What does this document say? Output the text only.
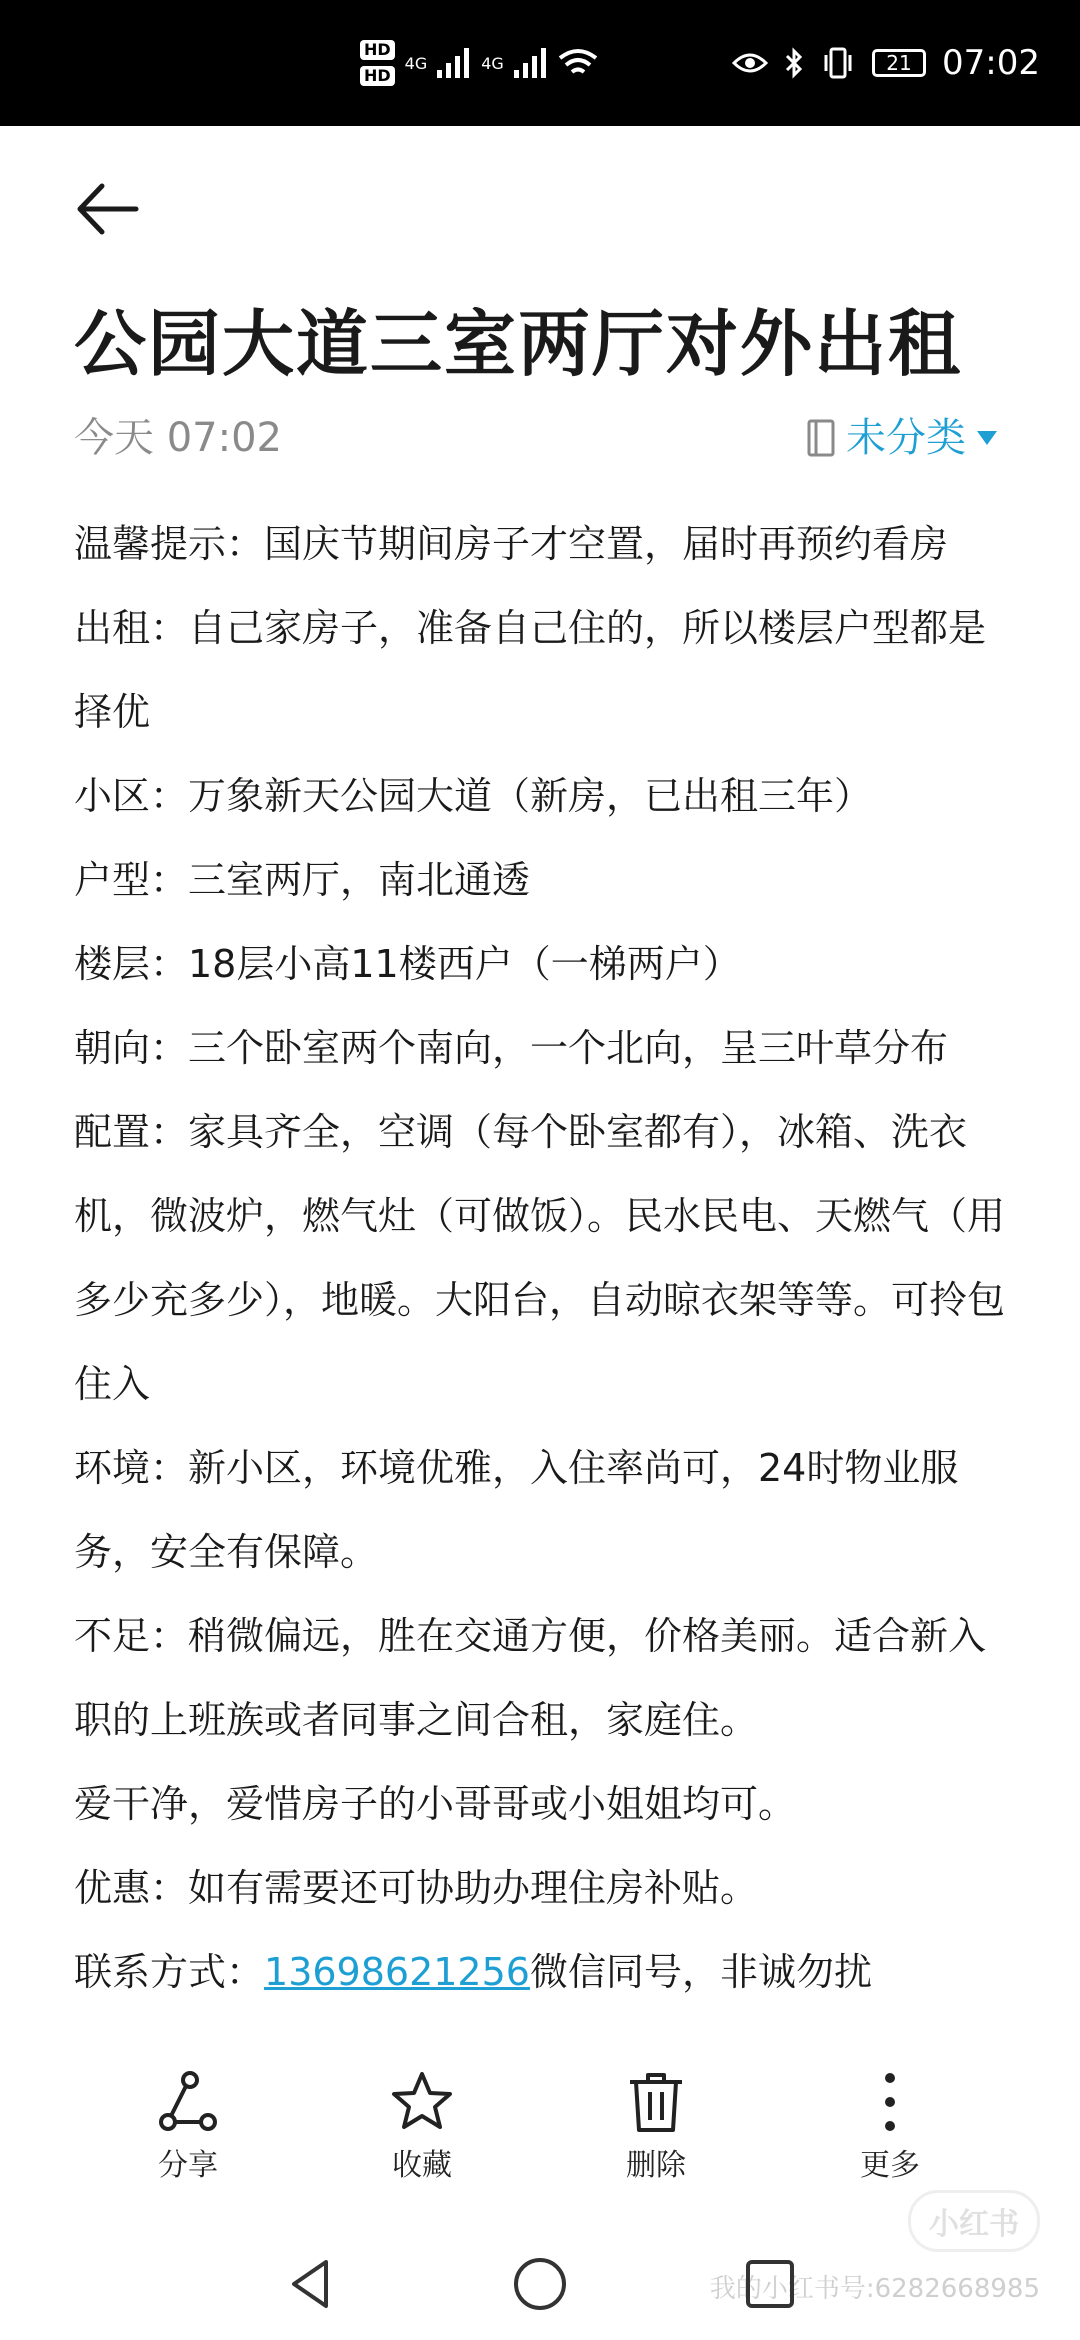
HD
HD
4G	4G	21 07:02
公园大道三室两厅对外出租
今天 07:02	未分类

温馨提示：国庆节期间房子才空置，届时再预约看房

出租：自己家房子，准备自己住的，所以楼层户型都是择优

小区：万象新天公园大道（新房，已出租三年）

户型：三室两厅，南北通透

楼层：18层小高11楼西户（一梯两户）

朝向：三个卧室两个南向，一个北向，呈三叶草分布

配置：家具齐全，空调（每个卧室都有），冰箱、洗衣机，微波炉，燃气灶（可做饭）。民水民电、天燃气（用多少充多少），地暖。大阳台，自动晾衣架等等。可拎包住入

环境：新小区，环境优雅，入住率尚可，24时物业服务，安全有保障。

不足：稍微偏远，胜在交通方便，价格美丽。适合新入职的上班族或者同事之间合租，家庭住。

爱干净，爱惜房子的小哥哥或小姐姐均可。

优惠：如有需要还可协助办理住房补贴。

联系方式：13698621256微信同号，非诚勿扰

分享	收藏	删除	更多
小红书
我的小红书号:6282668985
